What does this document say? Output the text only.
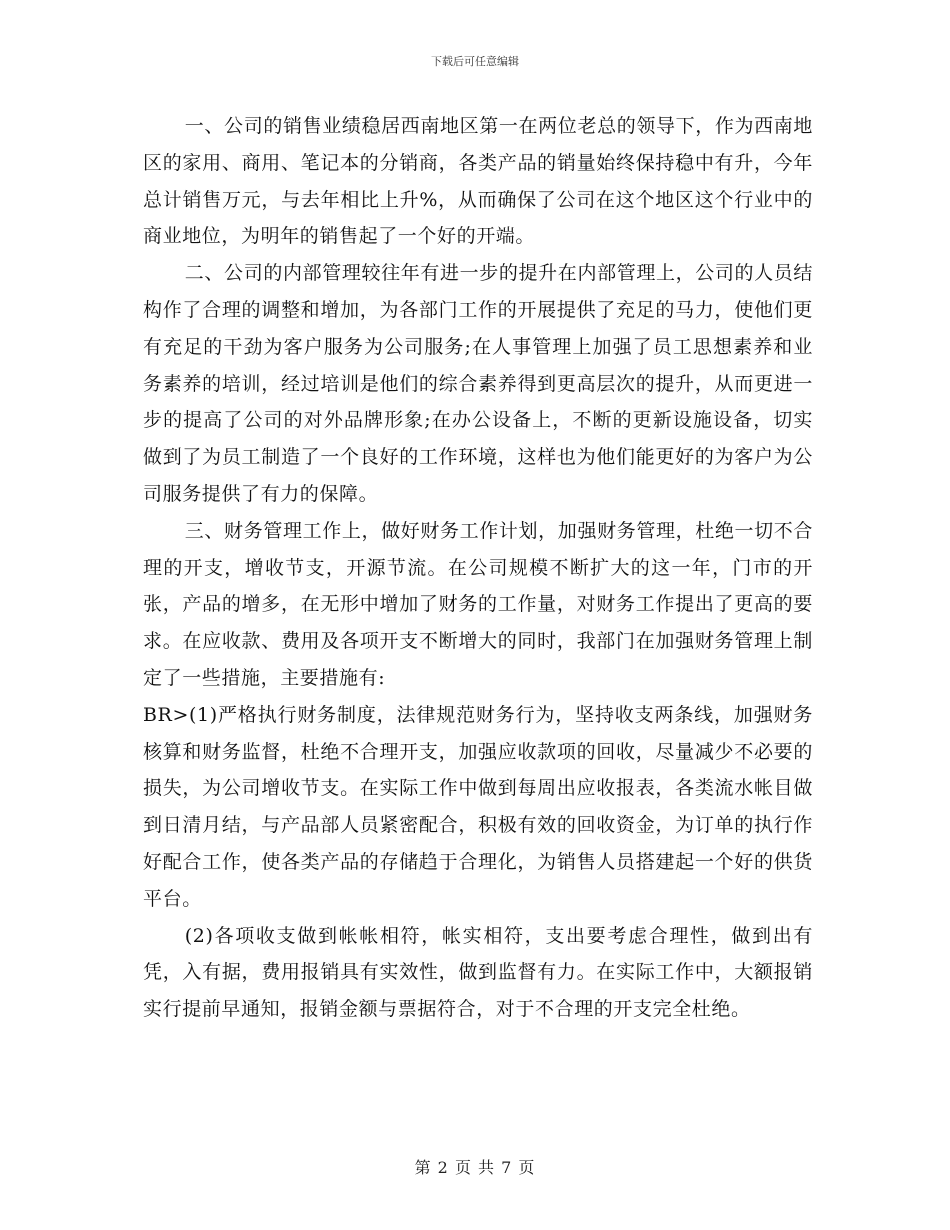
下载后可任意编辑

一、公司的销售业绩稳居西南地区第一在两位老总的领导下，作为西南地区的家用、商用、笔记本的分销商，各类产品的销量始终保持稳中有升，今年总计销售万元，与去年相比上升%，从而确保了公司在这个地区这个行业中的商业地位，为明年的销售起了一个好的开端。

二、公司的内部管理较往年有进一步的提升在内部管理上，公司的人员结构作了合理的调整和增加，为各部门工作的开展提供了充足的马力，使他们更有充足的干劲为客户服务为公司服务;在人事管理上加强了员工思想素养和业务素养的培训，经过培训是他们的综合素养得到更高层次的提升，从而更进一步的提高了公司的对外品牌形象;在办公设备上，不断的更新设施设备，切实做到了为员工制造了一个良好的工作环境，这样也为他们能更好的为客户为公司服务提供了有力的保障。

三、财务管理工作上，做好财务工作计划，加强财务管理，杜绝一切不合理的开支，增收节支，开源节流。在公司规模不断扩大的这一年，门市的开张，产品的增多，在无形中增加了财务的工作量，对财务工作提出了更高的要求。在应收款、费用及各项开支不断增大的同时，我部门在加强财务管理上制定了一些措施，主要措施有:

BR>(1)严格执行财务制度，法律规范财务行为，坚持收支两条线，加强财务核算和财务监督，杜绝不合理开支，加强应收款项的回收，尽量减少不必要的损失，为公司增收节支。在实际工作中做到每周出应收报表，各类流水帐目做到日清月结，与产品部人员紧密配合，积极有效的回收资金，为订单的执行作好配合工作，使各类产品的存储趋于合理化，为销售人员搭建起一个好的供货平台。

(2)各项收支做到帐帐相符，帐实相符，支出要考虑合理性，做到出有凭，入有据，费用报销具有实效性，做到监督有力。在实际工作中，大额报销实行提前早通知，报销金额与票据符合，对于不合理的开支完全杜绝。

第 2 页 共 7 页
